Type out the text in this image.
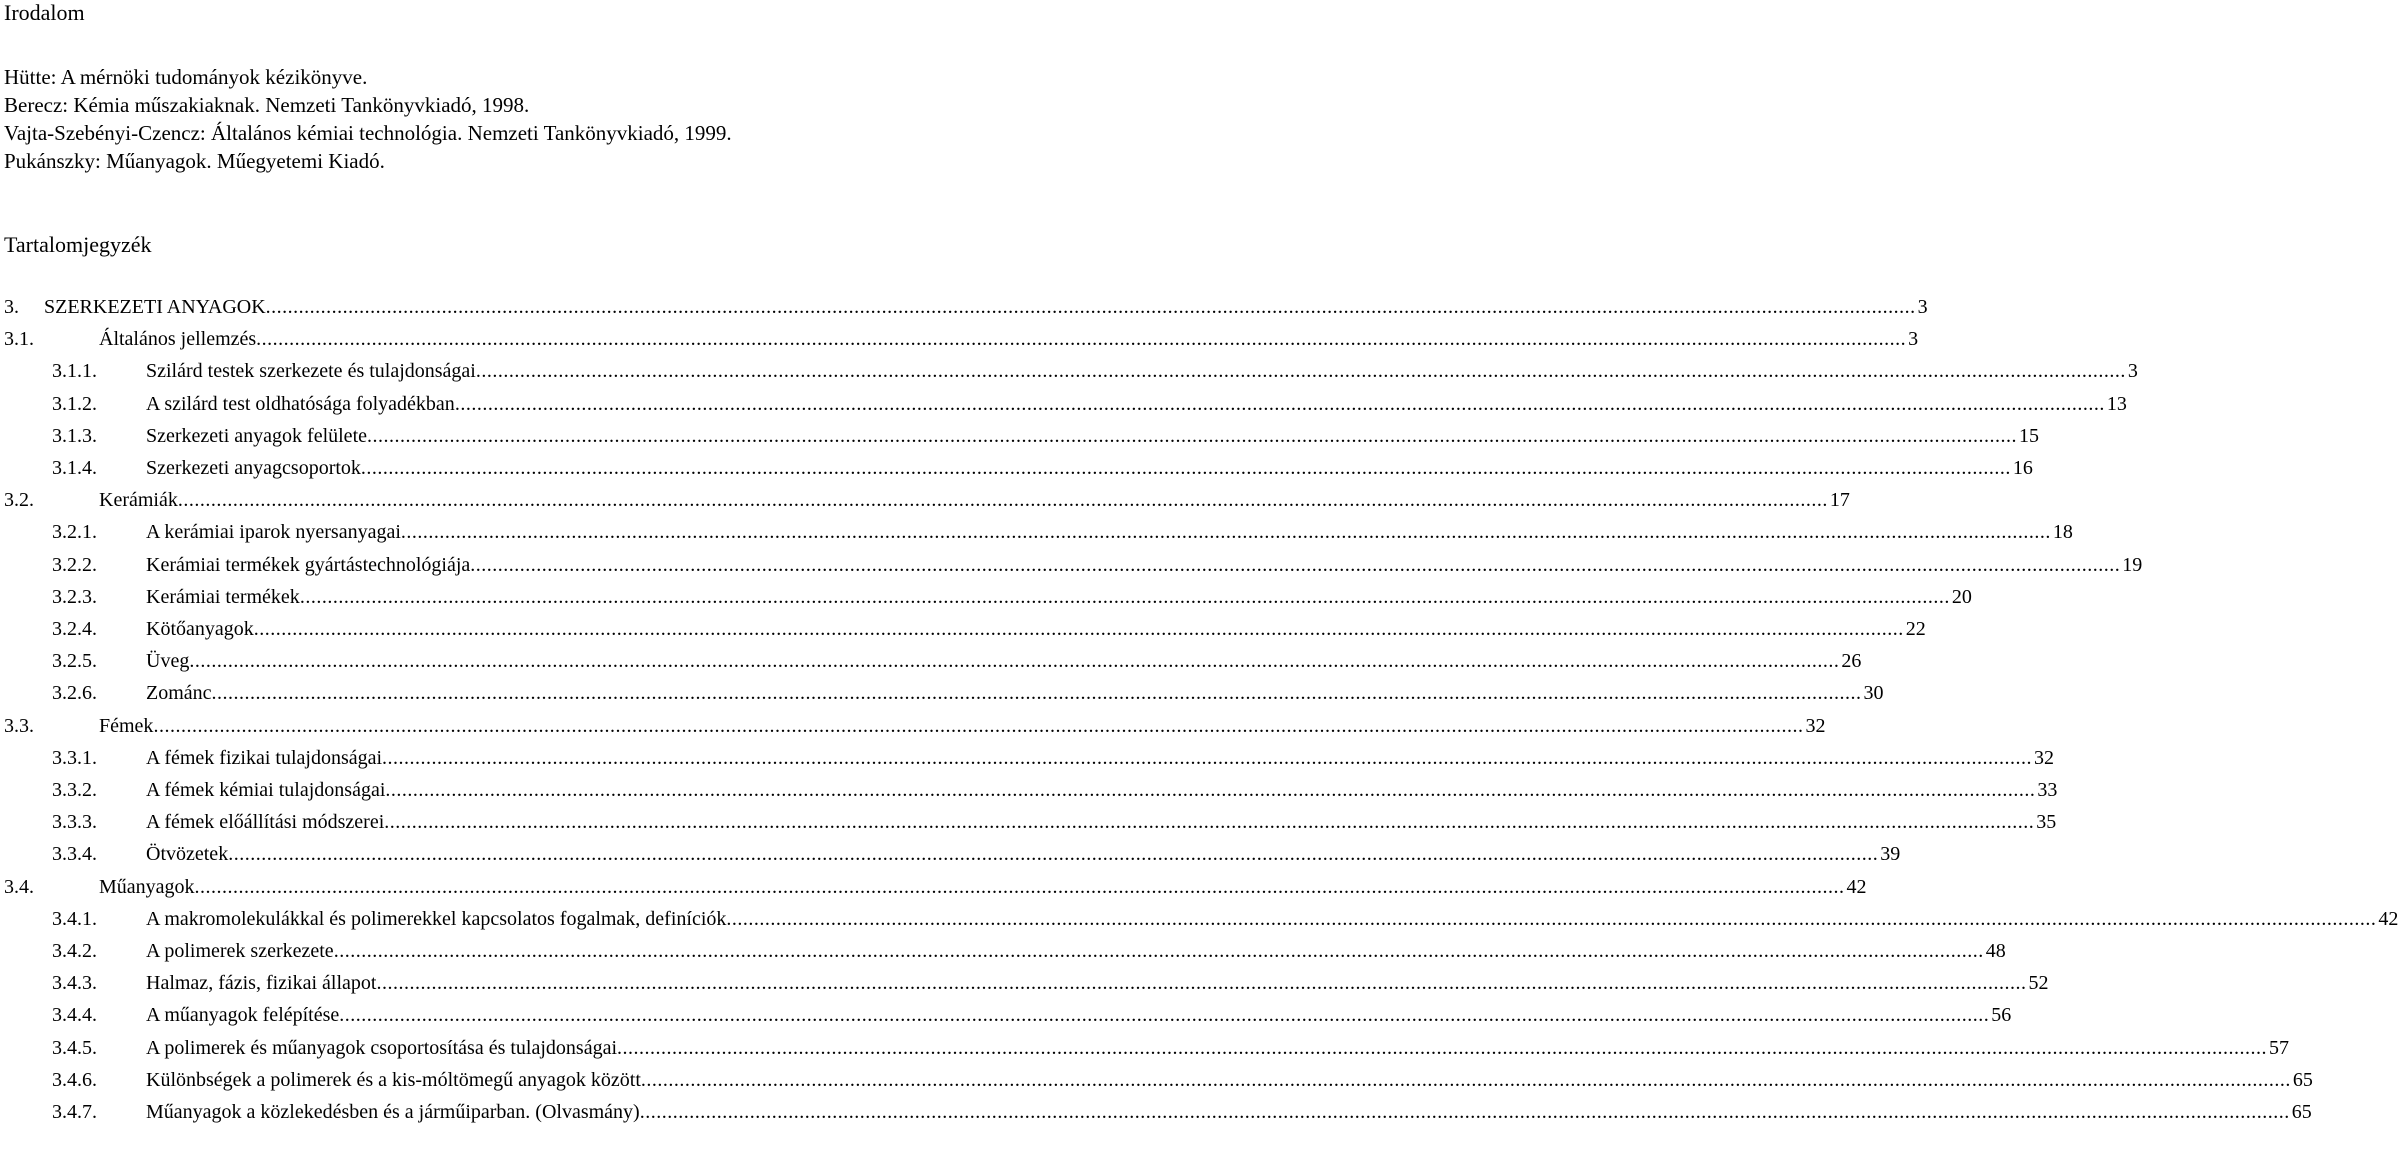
Irodalom
Hütte: A mérnöki tudományok kézikönyve.
Berecz: Kémia műszakiaknak. Nemzeti Tankönyvkiadó, 1998.
Vajta-Szebényi-Czencz: Általános kémiai technológia. Nemzeti Tankönyvkiadó, 1999.
Pukánszky: Műanyagok. Műegyetemi Kiadó.
Tartalomjegyzék
3. SZERKEZETI ANYAGOK ............................................................................................................................................................................................................................................................................................................ 3
3.1.	Általános jellemzés ............................................................................................................................................................................................................................................................................................................ 3
3.1.1. Szilárd testek szerkezete és tulajdonságai ............................................................................................................................................................................................................................................................................................................ 3
3.1.2. A szilárd test oldhatósága folyadékban ............................................................................................................................................................................................................................................................................................................ 13
3.1.3. Szerkezeti anyagok felülete ............................................................................................................................................................................................................................................................................................................ 15
3.1.4. Szerkezeti anyagcsoportok ............................................................................................................................................................................................................................................................................................................ 16
3.2.	Kerámiák ............................................................................................................................................................................................................................................................................................................ 17
3.2.1. A kerámiai iparok nyersanyagai ............................................................................................................................................................................................................................................................................................................ 18
3.2.2. Kerámiai termékek gyártástechnológiája ............................................................................................................................................................................................................................................................................................................ 19
3.2.3. Kerámiai termékek ............................................................................................................................................................................................................................................................................................................ 20
3.2.4. Kötőanyagok ............................................................................................................................................................................................................................................................................................................ 22
3.2.5. Üveg ............................................................................................................................................................................................................................................................................................................ 26
3.2.6. Zománc ............................................................................................................................................................................................................................................................................................................ 30
3.3.	Fémek ............................................................................................................................................................................................................................................................................................................ 32
3.3.1. A fémek fizikai tulajdonságai ............................................................................................................................................................................................................................................................................................................ 32
3.3.2. A fémek kémiai tulajdonságai ............................................................................................................................................................................................................................................................................................................ 33
3.3.3. A fémek előállítási módszerei ............................................................................................................................................................................................................................................................................................................ 35
3.3.4. Ötvözetek ............................................................................................................................................................................................................................................................................................................ 39
3.4.	Műanyagok ............................................................................................................................................................................................................................................................................................................ 42
3.4.1. A makromolekulákkal és polimerekkel kapcsolatos fogalmak, definíciók ............................................................................................................................................................................................................................................................................................................ 42
3.4.2. A polimerek szerkezete ............................................................................................................................................................................................................................................................................................................ 48
3.4.3. Halmaz, fázis, fizikai állapot ............................................................................................................................................................................................................................................................................................................ 52
3.4.4. A műanyagok felépítése ............................................................................................................................................................................................................................................................................................................ 56
3.4.5. A polimerek és műanyagok csoportosítása és tulajdonságai ............................................................................................................................................................................................................................................................................................................ 57
3.4.6. Különbségek a polimerek és a kis-móltömegű anyagok között ............................................................................................................................................................................................................................................................................................................ 65
3.4.7. Műanyagok a közlekedésben és a járműiparban. (Olvasmány) ............................................................................................................................................................................................................................................................................................................ 65
